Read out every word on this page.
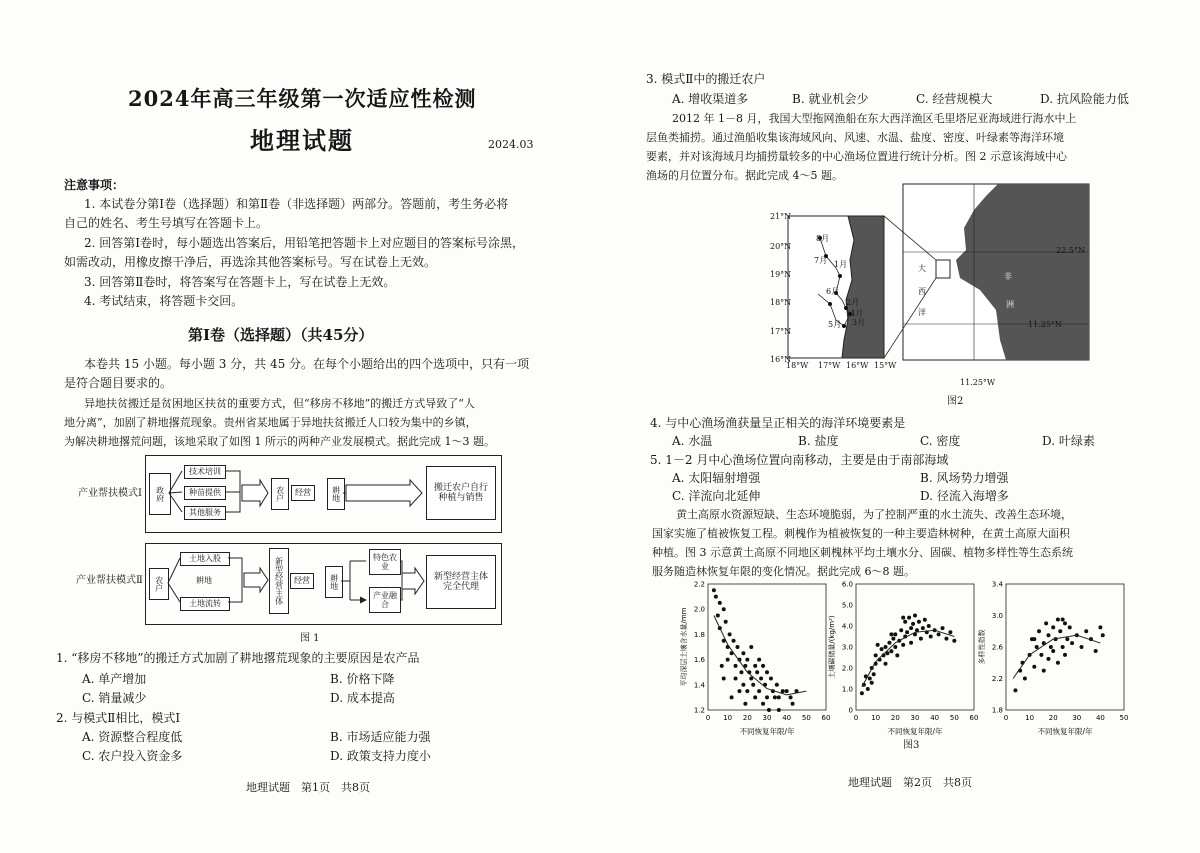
2024年高三年级第一次适应性检测
地理试题	2024.03
注意事项：
1. 本试卷分第Ⅰ卷（选择题）和第Ⅱ卷（非选择题）两部分。答题前，考生务必将
自己的姓名、考生号填写在答题卡上。
2. 回答第Ⅰ卷时，每小题选出答案后，用铅笔把答题卡上对应题目的答案标号涂黑，
如需改动，用橡皮擦干净后，再选涂其他答案标号。写在试卷上无效。
3. 回答第Ⅱ卷时，将答案写在答题卡上，写在试卷上无效。
4. 考试结束，将答题卡交回。
第Ⅰ卷（选择题）（共45分）
本卷共 15 小题。每小题 3 分，共 45 分。在每个小题给出的四个选项中，只有一项
是符合题目要求的。
异地扶贫搬迁是贫困地区扶贫的重要方式，但“移房不移地”的搬迁方式导致了“人
地分离”，加剧了耕地撂荒现象。贵州省某地属于异地扶贫搬迁人口较为集中的乡镇，
为解决耕地撂荒问题，该地采取了如图 1 所示的两种产业发展模式。据此完成 1～3 题。
产业帮扶模式Ⅰ
产业帮扶模式Ⅱ
政府
技术培训
种苗提供
其他服务
农户	经营	耕地	搬迁农户自行种植与销售
农户
土地入股
耕地
土地流转	新型经营主体	经营	耕地
特色农业
产业融合
新型经营主体完全代理
图 1
1. “移房不移地”的搬迁方式加剧了耕地撂荒现象的主要原因是农产品
A. 单产增加	B. 价格下降
C. 销量减少	D. 成本提高
2. 与模式Ⅱ相比，模式Ⅰ
A. 资源整合程度低	B. 市场适应能力强
C. 农户投入资金多	D. 政策支持力度小
地理试题　第1页　共8页
3. 模式Ⅱ中的搬迁农户
A. 增收渠道多	B. 就业机会少	C. 经营规模大	D. 抗风险能力低
2012 年 1－8 月，我国大型拖网渔船在东大西洋渔区毛里塔尼亚海域进行海水中上
层鱼类捕捞。通过渔船收集该海域风向、风速、水温、盐度、密度、叶绿素等海洋环境
要素，并对该海域月均捕捞量较多的中心渔场位置进行统计分析。图 2 示意该海域中心
渔场的月位置分布。据此完成 4～5 题。
21°N
20°N
19°N
18°N
17°N
16°N
18°W 17°W 16°W 15°W
8月
7月 1月
6月
2月
4月
5月 3月
大
西
洋
非
洲
22.5°N
11.25°N
11.25°W
图2
4. 与中心渔场渔获量呈正相关的海洋环境要素是
A. 水温	B. 盐度	C. 密度	D. 叶绿素
5. 1－2 月中心渔场位置向南移动，主要是由于南部海域
A. 太阳辐射增强	B. 风场势力增强
C. 洋流向北延伸	D. 径流入海增多
黄土高原水资源短缺、生态环境脆弱，为了控制严重的水土流失、改善生态环境，
国家实施了植被恢复工程。刺槐作为植被恢复的一种主要造林树种，在黄土高原大面积
种植。图 3 示意黄土高原不同地区刺槐林平均土壤水分、固碳、植物多样性等生态系统
服务随造林恢复年限的变化情况。据此完成 6～8 题。
0 10 20 30 40 50 60
1.2
1.4
1.6
1.8
2.0
2.2
不同恢复年限/年
平均深层土壤含水量/mm
0 10 20 30 40 50 60
0
1.0
2.0
3.0
4.0
5.0
6.0
不同恢复年限/年
土壤碳储量/(kg/m²)
0 10 20 30 40 50
1.8
2.2
2.6
3.0
3.4
不同恢复年限/年
多样性指数
图3
地理试题　第2页　共8页
